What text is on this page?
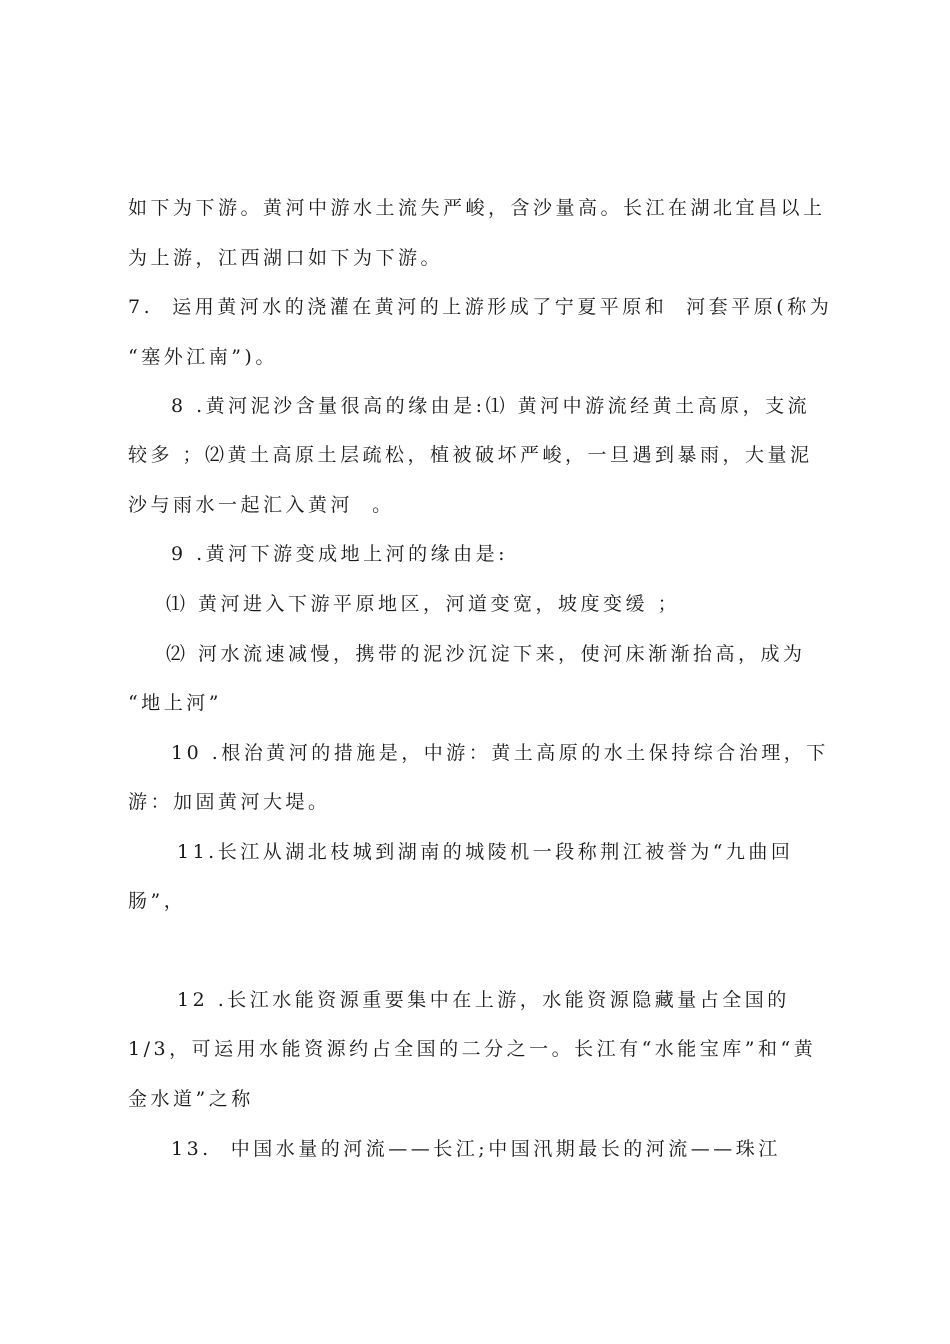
如下为下游。黄河中游水土流失严峻，含沙量高。长江在湖北宜昌以上
为上游，江西湖口如下为下游。
7.  运用黄河水的浇灌在黄河的上游形成了宁夏平原和  河套平原(称为
“塞外江南”)。
8 .黄河泥沙含量很高的缘由是:⑴ 黄河中游流经黄土高原，支流
较多 ；⑵黄土高原土层疏松，植被破坏严峻，一旦遇到暴雨，大量泥
沙与雨水一起汇入黄河  。
9 .黄河下游变成地上河的缘由是:
⑴ 黄河进入下游平原地区，河道变宽，坡度变缓 ；
⑵ 河水流速减慢，携带的泥沙沉淀下来，使河床渐渐抬高，成为
“地上河”
10 .根治黄河的措施是，中游：黄土高原的水土保持综合治理，下
游：加固黄河大堤。
11.长江从湖北枝城到湖南的城陵机一段称荆江被誉为“九曲回
肠”，
12 .长江水能资源重要集中在上游，水能资源隐藏量占全国的
1/3，可运用水能资源约占全国的二分之一。长江有“水能宝库”和“黄
金水道”之称
13.  中国水量的河流——长江;中国汛期最长的河流——珠江
